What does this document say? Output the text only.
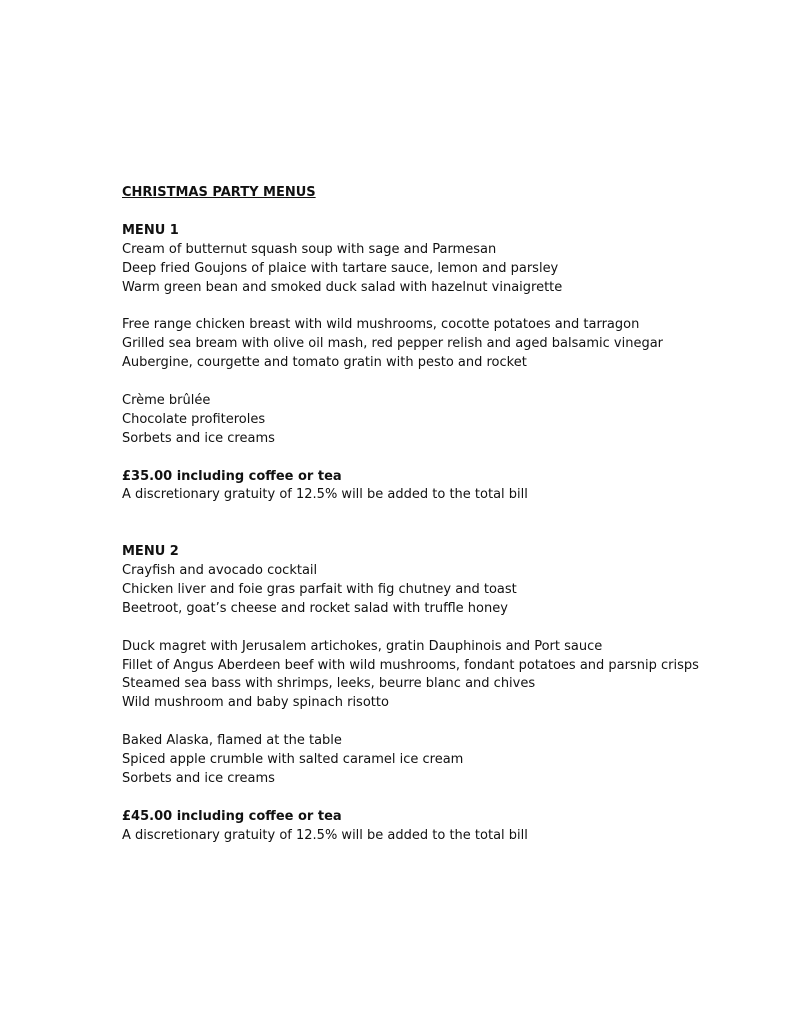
CHRISTMAS PARTY MENUS
MENU 1
Cream of butternut squash soup with sage and Parmesan
Deep fried Goujons of plaice with tartare sauce, lemon and parsley
Warm green bean and smoked duck salad with hazelnut vinaigrette
Free range chicken breast with wild mushrooms, cocotte potatoes and tarragon
Grilled sea bream with olive oil mash, red pepper relish and aged balsamic vinegar
Aubergine, courgette and tomato gratin with pesto and rocket
Crème brûlée
Chocolate profiteroles
Sorbets and ice creams
£35.00 including coffee or tea
A discretionary gratuity of 12.5% will be added to the total bill
MENU 2
Crayfish and avocado cocktail
Chicken liver and foie gras parfait with fig chutney and toast
Beetroot, goat’s cheese and rocket salad with truffle honey
Duck magret with Jerusalem artichokes, gratin Dauphinois and Port sauce
Fillet of Angus Aberdeen beef with wild mushrooms, fondant potatoes and parsnip crisps
Steamed sea bass with shrimps, leeks, beurre blanc and chives
Wild mushroom and baby spinach risotto
Baked Alaska, flamed at the table
Spiced apple crumble with salted caramel ice cream
Sorbets and ice creams
£45.00 including coffee or tea
A discretionary gratuity of 12.5% will be added to the total bill
